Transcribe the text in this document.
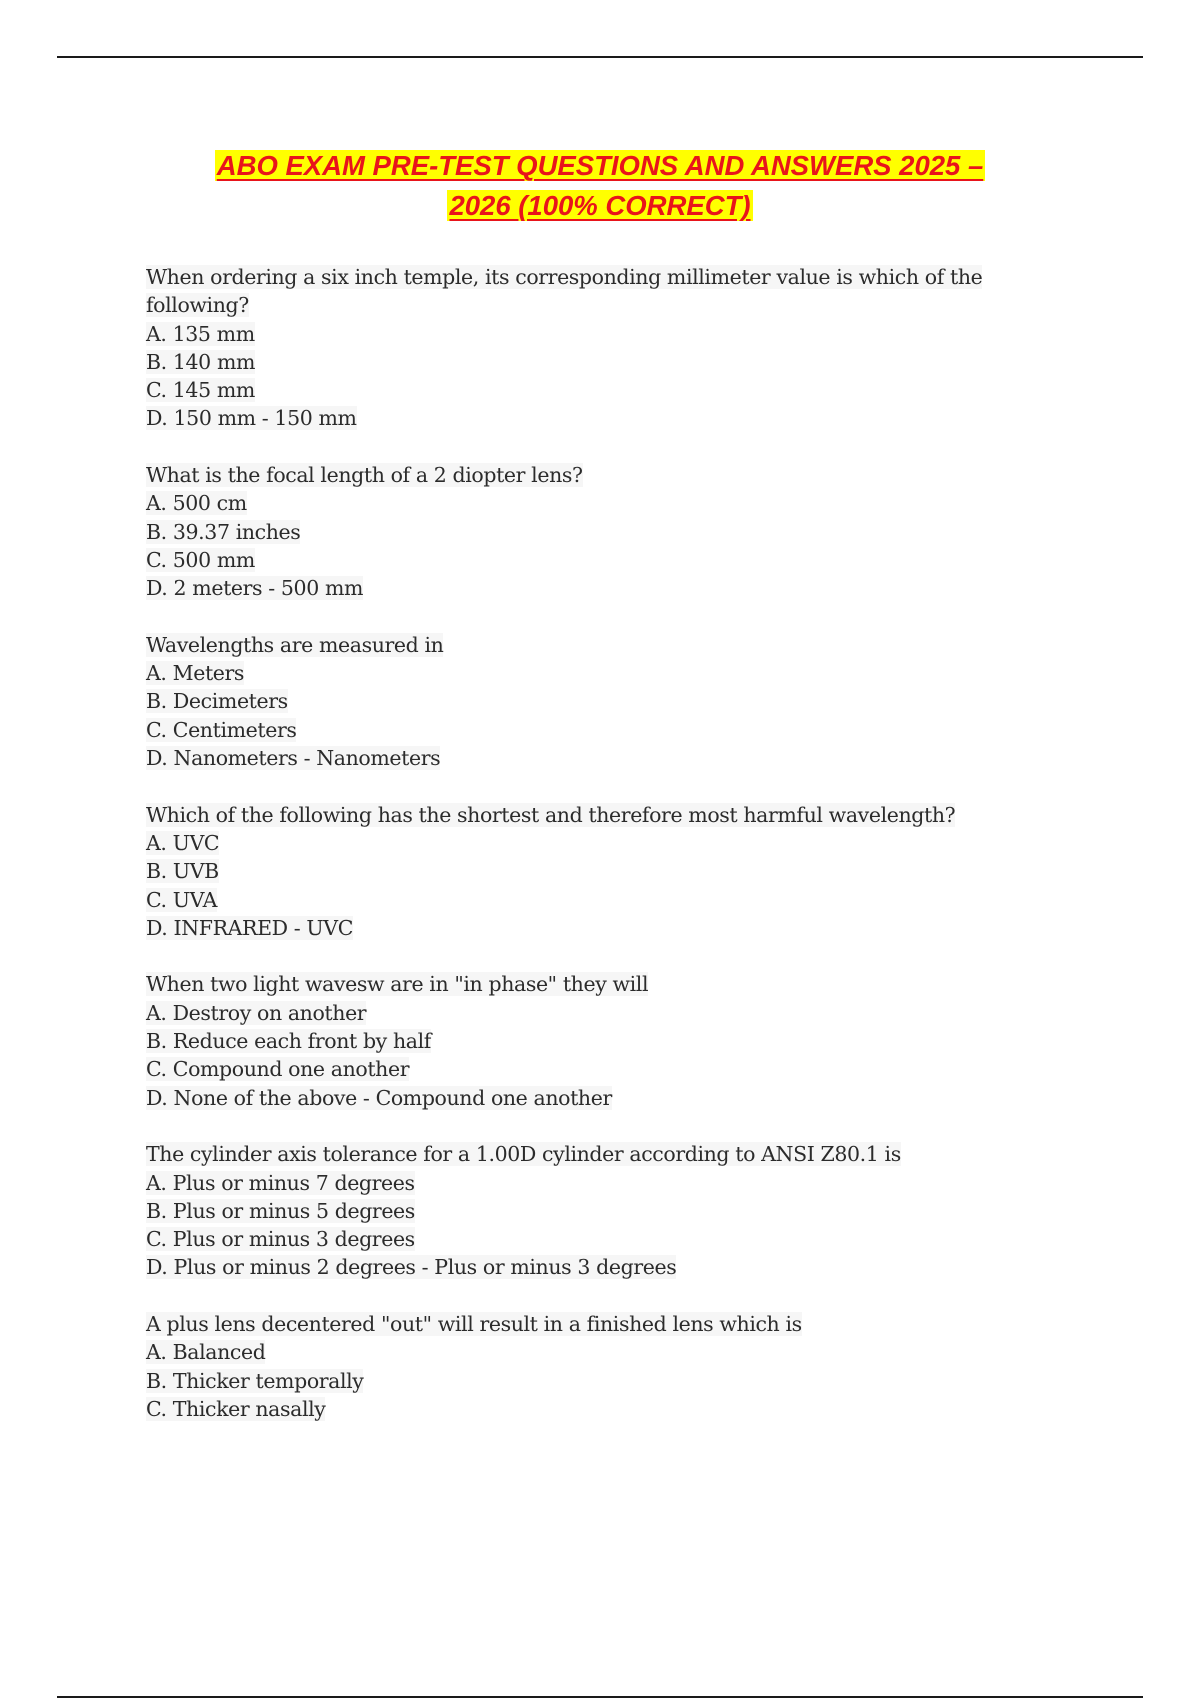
ABO EXAM PRE-TEST QUESTIONS AND ANSWERS 2025 –
2026 (100% CORRECT)
When ordering a six inch temple, its corresponding millimeter value is which of the
following?
A. 135 mm
B. 140 mm
C. 145 mm
D. 150 mm - 150 mm
What is the focal length of a 2 diopter lens?
A. 500 cm
B. 39.37 inches
C. 500 mm
D. 2 meters - 500 mm
Wavelengths are measured in
A. Meters
B. Decimeters
C. Centimeters
D. Nanometers - Nanometers
Which of the following has the shortest and therefore most harmful wavelength?
A. UVC
B. UVB
C. UVA
D. INFRARED - UVC
When two light wavesw are in "in phase" they will
A. Destroy on another
B. Reduce each front by half
C. Compound one another
D. None of the above - Compound one another
The cylinder axis tolerance for a 1.00D cylinder according to ANSI Z80.1 is
A. Plus or minus 7 degrees
B. Plus or minus 5 degrees
C. Plus or minus 3 degrees
D. Plus or minus 2 degrees - Plus or minus 3 degrees
A plus lens decentered "out" will result in a finished lens which is
A. Balanced
B. Thicker temporally
C. Thicker nasally
